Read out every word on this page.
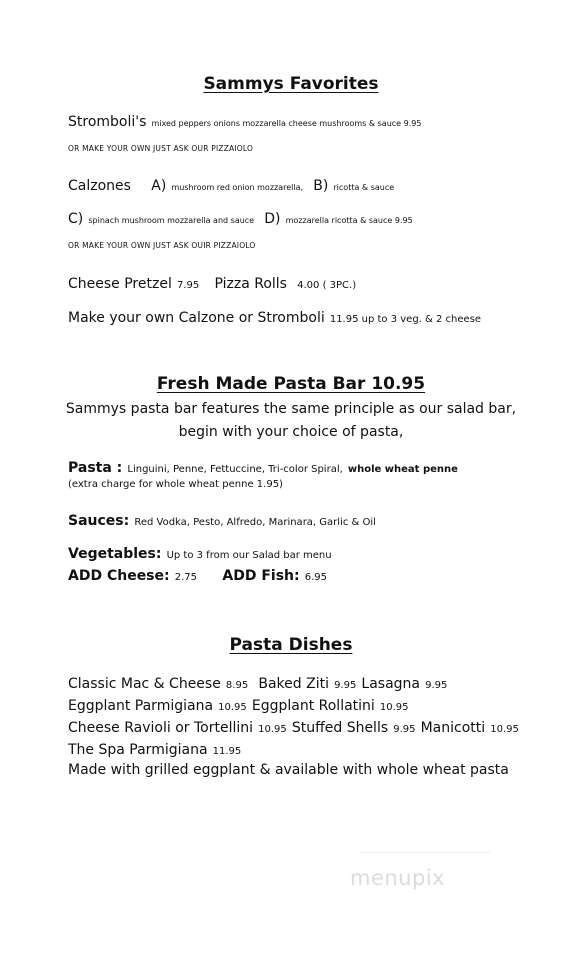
Sammys Favorites
Stromboli's mixed peppers onions mozzarella cheese mushrooms & sauce 9.95
OR MAKE YOUR OWN JUST ASK OUR PIZZAIOLO
Calzones A) mushroom red onion mozzarella, B) ricotta & sauce
C) spinach mushroom mozzarella and sauce D) mozzarella ricotta & sauce 9.95
OR MAKE YOUR OWN JUST ASK OUIR PIZZAIOLO
Cheese Pretzel 7.95 Pizza Rolls 4.00 ( 3PC.)
Make your own Calzone or Stromboli 11.95 up to 3 veg. & 2 cheese
Fresh Made Pasta Bar 10.95
Sammys pasta bar features the same principle as our salad bar,
begin with your choice of pasta,
Pasta : Linguini, Penne, Fettuccine, Tri-color Spiral, whole wheat penne
(extra charge for whole wheat penne 1.95)
Sauces: Red Vodka, Pesto, Alfredo, Marinara, Garlic & Oil
Vegetables: Up to 3 from our Salad bar menu
ADD Cheese: 2.75 ADD Fish: 6.95
Pasta Dishes
Classic Mac & Cheese 8.95 Baked Ziti 9.95 Lasagna 9.95
Eggplant Parmigiana 10.95 Eggplant Rollatini 10.95
Cheese Ravioli or Tortellini 10.95 Stuffed Shells 9.95 Manicotti 10.95
The Spa Parmigiana 11.95
Made with grilled eggplant & available with whole wheat pasta
menupix
